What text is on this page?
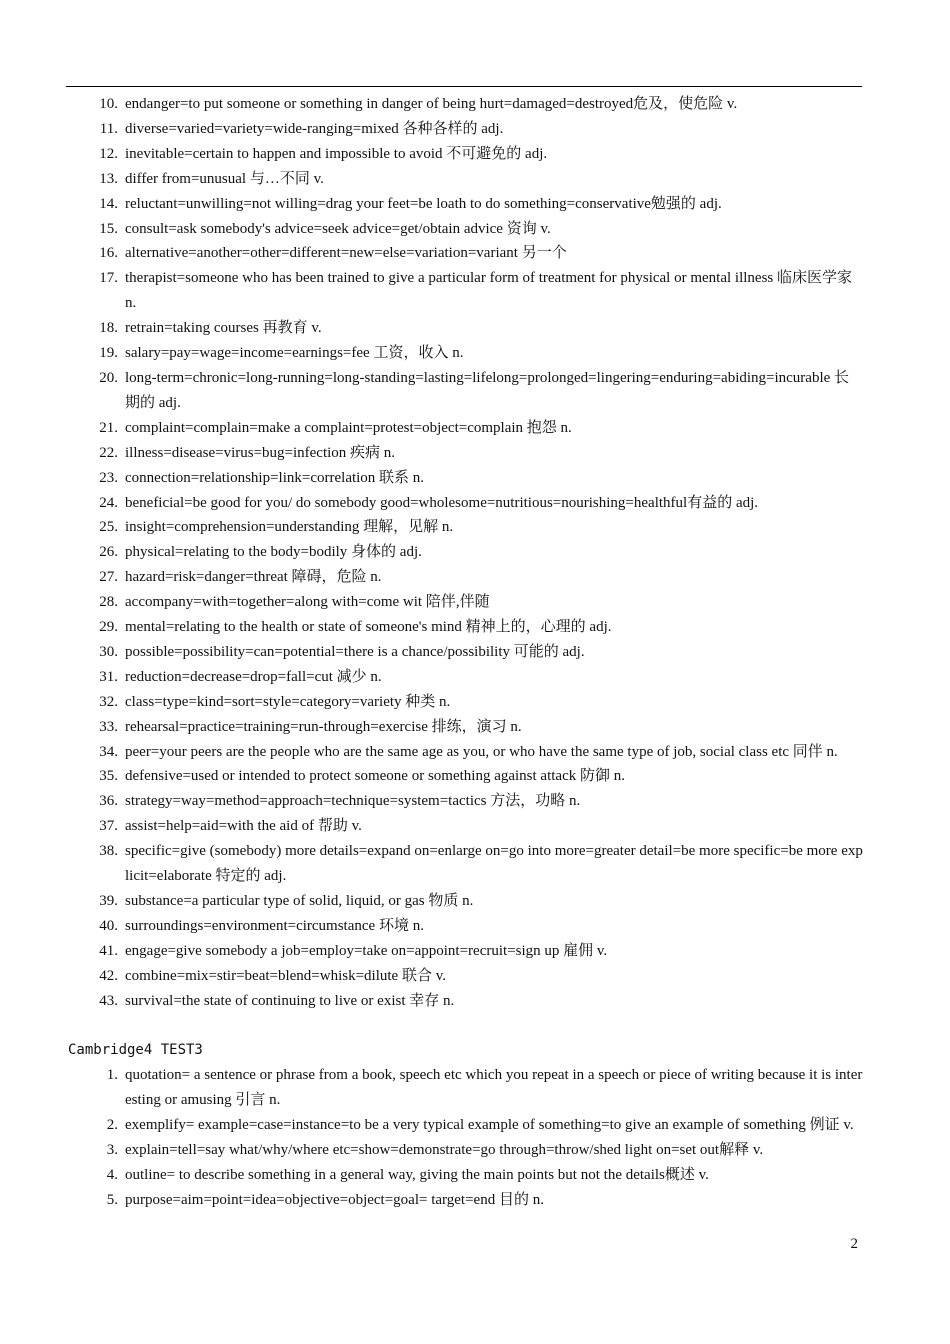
10. endanger=to put someone or something in danger of being hurt=damaged=destroyed危及，使危险 v.
11. diverse=varied=variety=wide-ranging=mixed 各种各样的 adj.
12. inevitable=certain to happen and impossible to avoid 不可避免的 adj.
13. differ from=unusual 与…不同 v.
14. reluctant=unwilling=not willing=drag your feet=be loath to do something=conservative勉强的 adj.
15. consult=ask somebody's advice=seek advice=get/obtain advice 资询 v.
16. alternative=another=other=different=new=else=variation=variant 另一个
17. therapist=someone who has been trained to give a particular form of treatment for physical or mental illness 临床医学家 n.
18. retrain=taking courses 再教育 v.
19. salary=pay=wage=income=earnings=fee 工资，收入 n.
20. long-term=chronic=long-running=long-standing=lasting=lifelong=prolonged=lingering=enduring=abiding=incurable 长期的 adj.
21. complaint=complain=make a complaint=protest=object=complain 抱怨 n.
22. illness=disease=virus=bug=infection 疾病 n.
23. connection=relationship=link=correlation 联系 n.
24. beneficial=be good for you/ do somebody good=wholesome=nutritious=nourishing=healthful有益的 adj.
25. insight=comprehension=understanding 理解，见解 n.
26. physical=relating to the body=bodily 身体的 adj.
27. hazard=risk=danger=threat 障碍，危险 n.
28. accompany=with=together=along with=come wit 陪伴,伴随
29. mental=relating to the health or state of someone's mind 精神上的，心理的 adj.
30. possible=possibility=can=potential=there is a chance/possibility 可能的 adj.
31. reduction=decrease=drop=fall=cut 减少 n.
32. class=type=kind=sort=style=category=variety 种类 n.
33. rehearsal=practice=training=run-through=exercise 排练，演习 n.
34. peer=your peers are the people who are the same age as you, or who have the same type of job, social class etc 同伴 n.
35. defensive=used or intended to protect someone or something against attack 防御 n.
36. strategy=way=method=approach=technique=system=tactics 方法，功略 n.
37. assist=help=aid=with the aid of 帮助 v.
38. specific=give (somebody) more details=expand on=enlarge on=go into more=greater detail=be more specific=be more explicit=elaborate 特定的 adj.
39. substance=a particular type of solid, liquid, or gas 物质 n.
40. surroundings=environment=circumstance 环境 n.
41. engage=give somebody a job=employ=take on=appoint=recruit=sign up 雇佣 v.
42. combine=mix=stir=beat=blend=whisk=dilute 联合 v.
43. survival=the state of continuing to live or exist 幸存 n.
Cambridge4 TEST3
1. quotation= a sentence or phrase from a book, speech etc which you repeat in a speech or piece of writing because it is interesting or amusing 引言 n.
2. exemplify= example=case=instance=to be a very typical example of something=to give an example of something 例证 v.
3. explain=tell=say what/why/where etc=show=demonstrate=go through=throw/shed light on=set out解释 v.
4. outline= to describe something in a general way, giving the main points but not the details概述 v.
5. purpose=aim=point=idea=objective=object=goal= target=end 目的 n.
2
